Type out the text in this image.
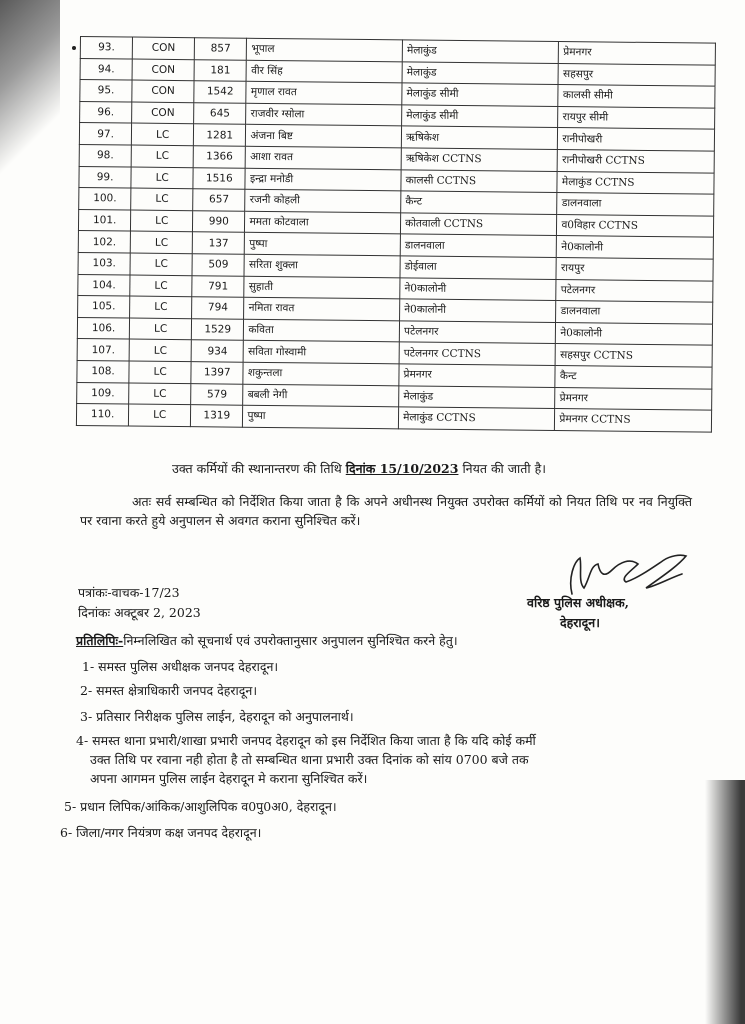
93.	CON	857	भूपाल	मेलाकुंड	प्रेमनगर
94.	CON	181	वीर सिंह	मेलाकुंड	सहसपुर
95.	CON	1542	मृणाल रावत	मेलाकुंड सीमी	कालसी सीमी
96.	CON	645	राजवीर ग्सोला	मेलाकुंड सीमी	रायपुर सीमी
97.	LC	1281	अंजना बिष्ट	ऋषिकेश	रानीपोखरी
98.	LC	1366	आशा रावत	ऋषिकेश CCTNS	रानीपोखरी CCTNS
99.	LC	1516	इन्द्रा मनोडी	कालसी CCTNS	मेलाकुंड CCTNS
100.	LC	657	रजनी कोहली	कैन्ट	डालनवाला
101.	LC	990	ममता कोटवाला	कोतवाली CCTNS	व0विहार CCTNS
102.	LC	137	पुष्पा	डालनवाला	ने0कालोनी
103.	LC	509	सरिता शुक्ला	डोईवाला	रायपुर
104.	LC	791	सुहाती	ने0कालोनी	पटेलनगर
105.	LC	794	नमिता रावत	ने0कालोनी	डालनवाला
106.	LC	1529	कविता	पटेलनगर	ने0कालोनी
107.	LC	934	सविता गोस्वामी	पटेलनगर CCTNS	सहसपुर CCTNS
108.	LC	1397	शकुन्तला	प्रेमनगर	कैन्ट
109.	LC	579	बबली नेगी	मेलाकुंड	प्रेमनगर
110.	LC	1319	पुष्पा	मेलाकुंड CCTNS	प्रेमनगर CCTNS
उक्त कर्मियों की स्थानान्तरण की तिथि दिनांक 15/10/2023 नियत की जाती है।
अतः सर्व सम्बन्धित को निर्देशित किया जाता है कि अपने अधीनस्थ नियुक्त उपरोक्त कर्मियों को नियत तिथि पर नव नियुक्ति पर रवाना करते हुये अनुपालन से अवगत कराना सुनिश्चित करें।
पत्रांकः-वाचक-17/23
दिनांकः अक्टूबर 2, 2023
वरिष्ठ पुलिस अधीक्षक,
देहरादून।
प्रतिलिपिः-निम्नलिखित को सूचनार्थ एवं उपरोक्तानुसार अनुपालन सुनिश्चित करने हेतु।
1- समस्त पुलिस अधीक्षक जनपद देहरादून।
2- समस्त क्षेत्राधिकारी जनपद देहरादून।
3- प्रतिसार निरीक्षक पुलिस लाईन, देहरादून को अनुपालनार्थ।
4- समस्त थाना प्रभारी/शाखा प्रभारी जनपद देहरादून को इस निर्देशित किया जाता है कि यदि कोई कर्मी
उक्त तिथि पर रवाना नही होता है तो सम्बन्धित थाना प्रभारी उक्त दिनांक को सांय 0700 बजे तक
अपना आगमन पुलिस लाईन देहरादून मे कराना सुनिश्चित करें।
5- प्रधान लिपिक/आंकिक/आशुलिपिक व0पु0अ0, देहरादून।
6- जिला/नगर नियंत्रण कक्ष जनपद देहरादून।
